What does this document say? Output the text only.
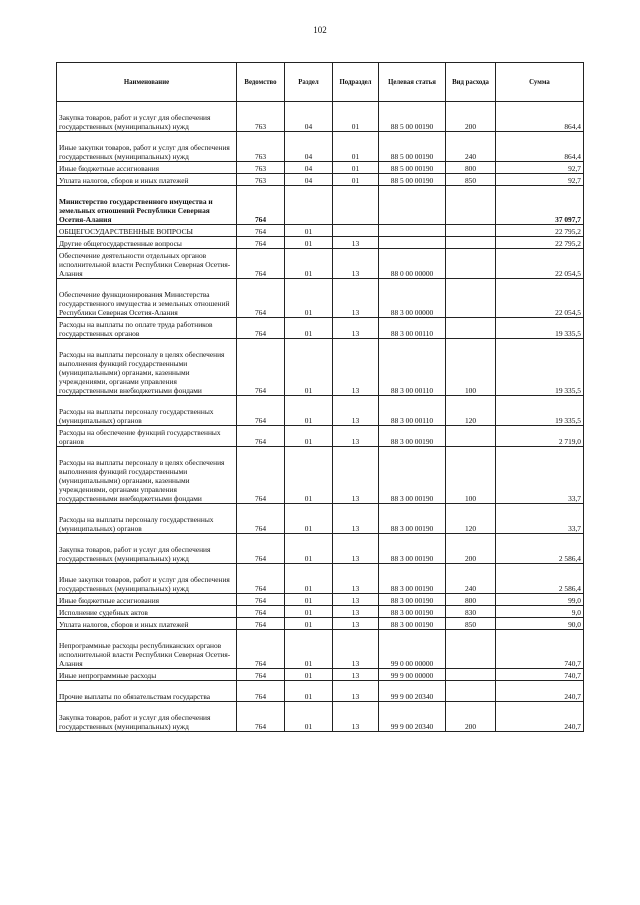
102
Наименование	Ведомство	Раздел	Подраздел	Целевая статья	Вид расхода	Сумма
Закупка товаров, работ и услуг для обеспечения государственных (муниципальных) нужд	763	04	01	88 5 00 00190	200	864,4
Иные закупки товаров, работ и услуг для обеспечения государственных (муниципальных) нужд	763	04	01	88 5 00 00190	240	864,4
Иные бюджетные ассигнования	763	04	01	88 5 00 00190	800	92,7
Уплата налогов, сборов и иных платежей	763	04	01	88 5 00 00190	850	92,7
Министерство государственного имущества и земельных отношений Республики Северная Осетия-Алания	764					37 097,7
ОБЩЕГОСУДАРСТВЕННЫЕ ВОПРОСЫ	764	01				22 795,2
Другие общегосударственные вопросы	764	01	13			22 795,2
Обеспечение деятельности отдельных органов исполнительной власти Республики Северная Осетия-Алания	764	01	13	88 0 00 00000		22 054,5
Обеспечение функционирования Министерства государственного имущества и земельных отношений Республики Северная Осетия-Алания	764	01	13	88 3 00 00000		22 054,5
Расходы на выплаты по оплате труда работников государственных органов	764	01	13	88 3 00 00110		19 335,5
Расходы на выплаты персоналу в целях обеспечения выполнения функций государственными (муниципальными) органами, казенными учреждениями, органами управления государственными внебюджетными фондами	764	01	13	88 3 00 00110	100	19 335,5
Расходы на выплаты персоналу государственных (муниципальных) органов	764	01	13	88 3 00 00110	120	19 335,5
Расходы на обеспечение функций государственных органов	764	01	13	88 3 00 00190		2 719,0
Расходы на выплаты персоналу в целях обеспечения выполнения функций государственными (муниципальными) органами, казенными учреждениями, органами управления государственными внебюджетными фондами	764	01	13	88 3 00 00190	100	33,7
Расходы на выплаты персоналу государственных (муниципальных) органов	764	01	13	88 3 00 00190	120	33,7
Закупка товаров, работ и услуг для обеспечения государственных (муниципальных) нужд	764	01	13	88 3 00 00190	200	2 586,4
Иные закупки товаров, работ и услуг для обеспечения государственных (муниципальных) нужд	764	01	13	88 3 00 00190	240	2 586,4
Иные бюджетные ассигнования	764	01	13	88 3 00 00190	800	99,0
Исполнение судебных актов	764	01	13	88 3 00 00190	830	9,0
Уплата налогов, сборов и иных платежей	764	01	13	88 3 00 00190	850	90,0
Непрограммные расходы республиканских органов исполнительной власти Республики Северная Осетия-Алания	764	01	13	99 0 00 00000		740,7
Иные непрограммные расходы	764	01	13	99 9 00 00000		740,7
Прочие выплаты по обязательствам государства	764	01	13	99 9 00 20340		240,7
Закупка товаров, работ и услуг для обеспечения государственных (муниципальных) нужд	764	01	13	99 9 00 20340	200	240,7
